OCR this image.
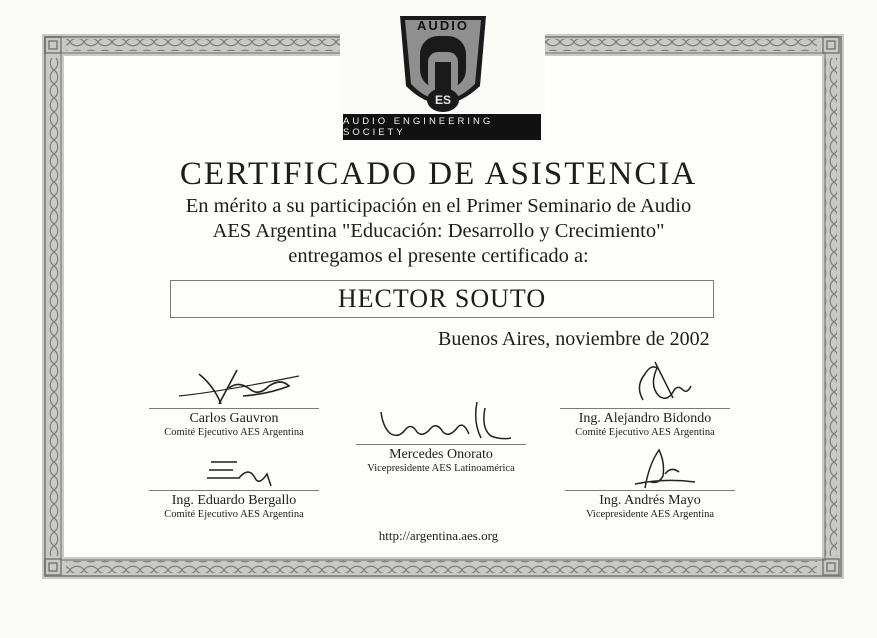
AUDIO
ES
AUDIO ENGINEERING SOCIETY
CERTIFICADO DE ASISTENCIA
En mérito a su participación en el Primer Seminario de Audio
AES Argentina "Educación: Desarrollo y Crecimiento"
entregamos el presente certificado a:
HECTOR SOUTO
Buenos Aires, noviembre de 2002
Carlos Gauvron
Comité Ejecutivo AES Argentina
Mercedes Onorato
Vicepresidente AES Latinoamérica
Ing. Alejandro Bidondo
Comité Ejecutivo AES Argentina
Ing. Eduardo Bergallo
Comité Ejecutivo AES Argentina
Ing. Andrés Mayo
Vicepresidente AES Argentina
http://argentina.aes.org
